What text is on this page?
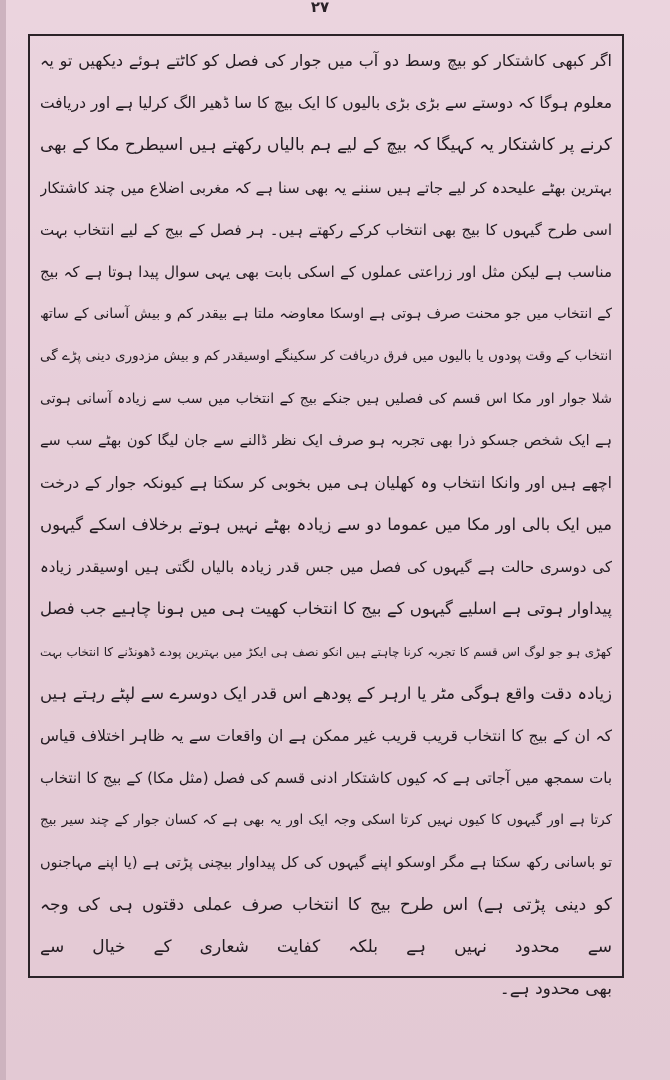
۲۷
اگر کبھی کاشتکار کو بیچ وسط دو آب میں جوار کی فصل کو کاٹتے ہوئے دیکھیں تو یہ
معلوم ہوگا کہ دوستے سے بڑی بڑی بالیوں کا ایک بیچ کا سا ڈھیر الگ کرلیا ہے اور دریافت
کرنے پر کاشتکار یہ کہیگا کہ بیچ کے لیے ہم بالیاں رکھتے ہیں اسیطرح مکا کے بھی
بہترین بھٹے علیحدہ کر لیے جاتے ہیں سننے یہ بھی سنا ہے کہ مغربی اضلاع میں چند کاشتکار
اسی طرح گیہوں کا بیج بھی انتخاب کرکے رکھتے ہیں۔ ہر فصل کے بیج کے لیے انتخاب بہت
مناسب ہے لیکن مثل اور زراعتی عملوں کے اسکی بابت بھی یہی سوال پیدا ہوتا ہے کہ بیج
کے انتخاب میں جو محنت صرف ہوتی ہے اوسکا معاوضہ ملتا ہے بیقدر کم و بیش آسانی کے ساتھ
انتخاب کے وقت پودوں یا بالیوں میں فرق دریافت کر سکینگے اوسیقدر کم و بیش مزدوری دینی پڑے گی
شلا جوار اور مکا اس قسم کی فصلیں ہیں جنکے بیج کے انتخاب میں سب سے زیادہ آسانی ہوتی
ہے ایک شخص جسکو ذرا بھی تجربہ ہو صرف ایک نظر ڈالنے سے جان لیگا کون بھٹے سب سے
اچھے ہیں اور وانکا انتخاب وہ کھلیان ہی میں بخوبی کر سکتا ہے کیونکہ جوار کے درخت
میں ایک بالی اور مکا میں عموما دو سے زیادہ بھٹے نہیں ہوتے برخلاف اسکے گیہوں
کی دوسری حالت ہے گیہوں کی فصل میں جس قدر زیادہ بالیاں لگتی ہیں اوسیقدر زیادہ
پیداوار ہوتی ہے اسلیے گیہوں کے بیج کا انتخاب کھیت ہی میں ہونا چاہیے جب فصل
کھڑی ہو جو لوگ اس قسم کا تجربہ کرنا چاہتے ہیں انکو نصف ہی ایکڑ میں بہترین پودے ڈھونڈنے کا انتخاب بہت
زیادہ دقت واقع ہوگی مٹر یا ارہر کے پودھے اس قدر ایک دوسرے سے لپٹے رہتے ہیں
کہ ان کے بیج کا انتخاب قریب قریب غیر ممکن ہے ان واقعات سے یہ ظاہر اختلاف قیاس
بات سمجھ میں آجاتی ہے کہ کیوں کاشتکار ادنی قسم کی فصل (مثل مکا) کے بیج کا انتخاب
کرتا ہے اور گیہوں کا کیوں نہیں کرتا اسکی وجہ ایک اور یہ بھی ہے کہ کسان جوار کے چند سیر بیج
تو باسانی رکھ سکتا ہے مگر اوسکو اپنے گیہوں کی کل پیداوار بیچنی پڑتی ہے (یا اپنے مہاجنوں
کو دینی پڑتی ہے) اس طرح بیج کا انتخاب صرف عملی دقتوں ہی کی وجہ
سے محدود نہیں ہے بلکہ کفایت شعاری کے خیال سے
بھی محدود ہے۔
